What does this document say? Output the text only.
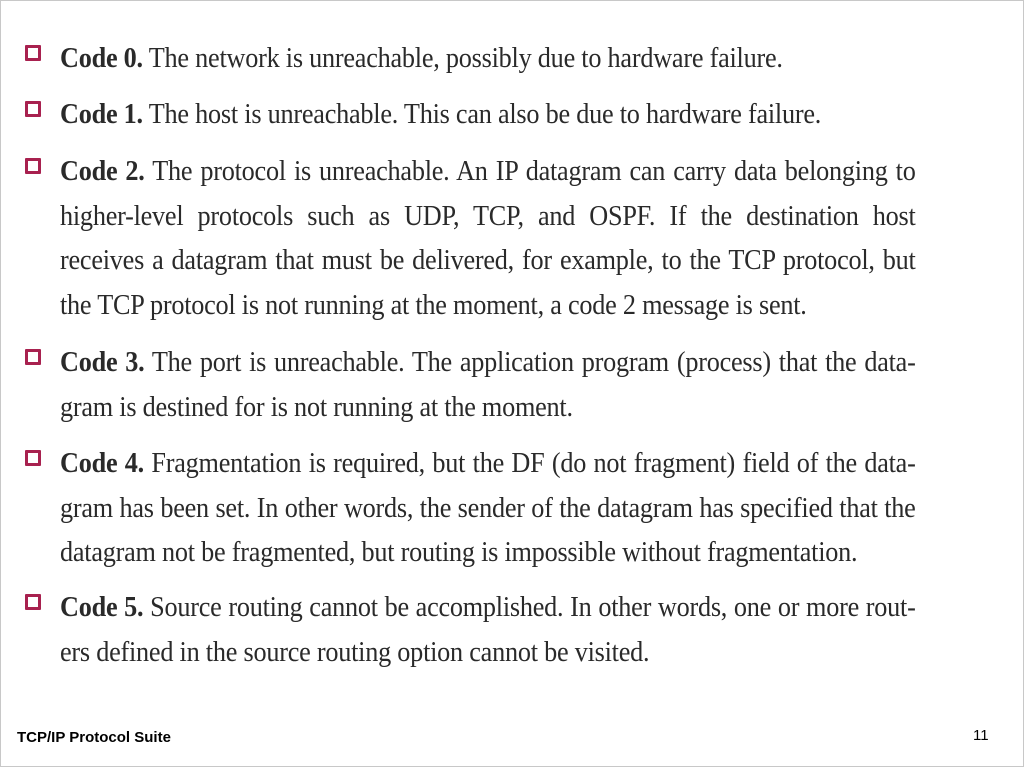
Code 0. The network is unreachable, possibly due to hardware failure.
Code 1. The host is unreachable. This can also be due to hardware failure.
Code 2. The protocol is unreachable. An IP datagram can carry data belonging to
higher-level protocols such as UDP, TCP, and OSPF. If the destination host
receives a datagram that must be delivered, for example, to the TCP protocol, but
the TCP protocol is not running at the moment, a code 2 message is sent.
Code 3. The port is unreachable. The application program (process) that the data-
gram is destined for is not running at the moment.
Code 4. Fragmentation is required, but the DF (do not fragment) field of the data-
gram has been set. In other words, the sender of the datagram has specified that the
datagram not be fragmented, but routing is impossible without fragmentation.
Code 5. Source routing cannot be accomplished. In other words, one or more rout-
ers defined in the source routing option cannot be visited.
TCP/IP Protocol Suite	11
